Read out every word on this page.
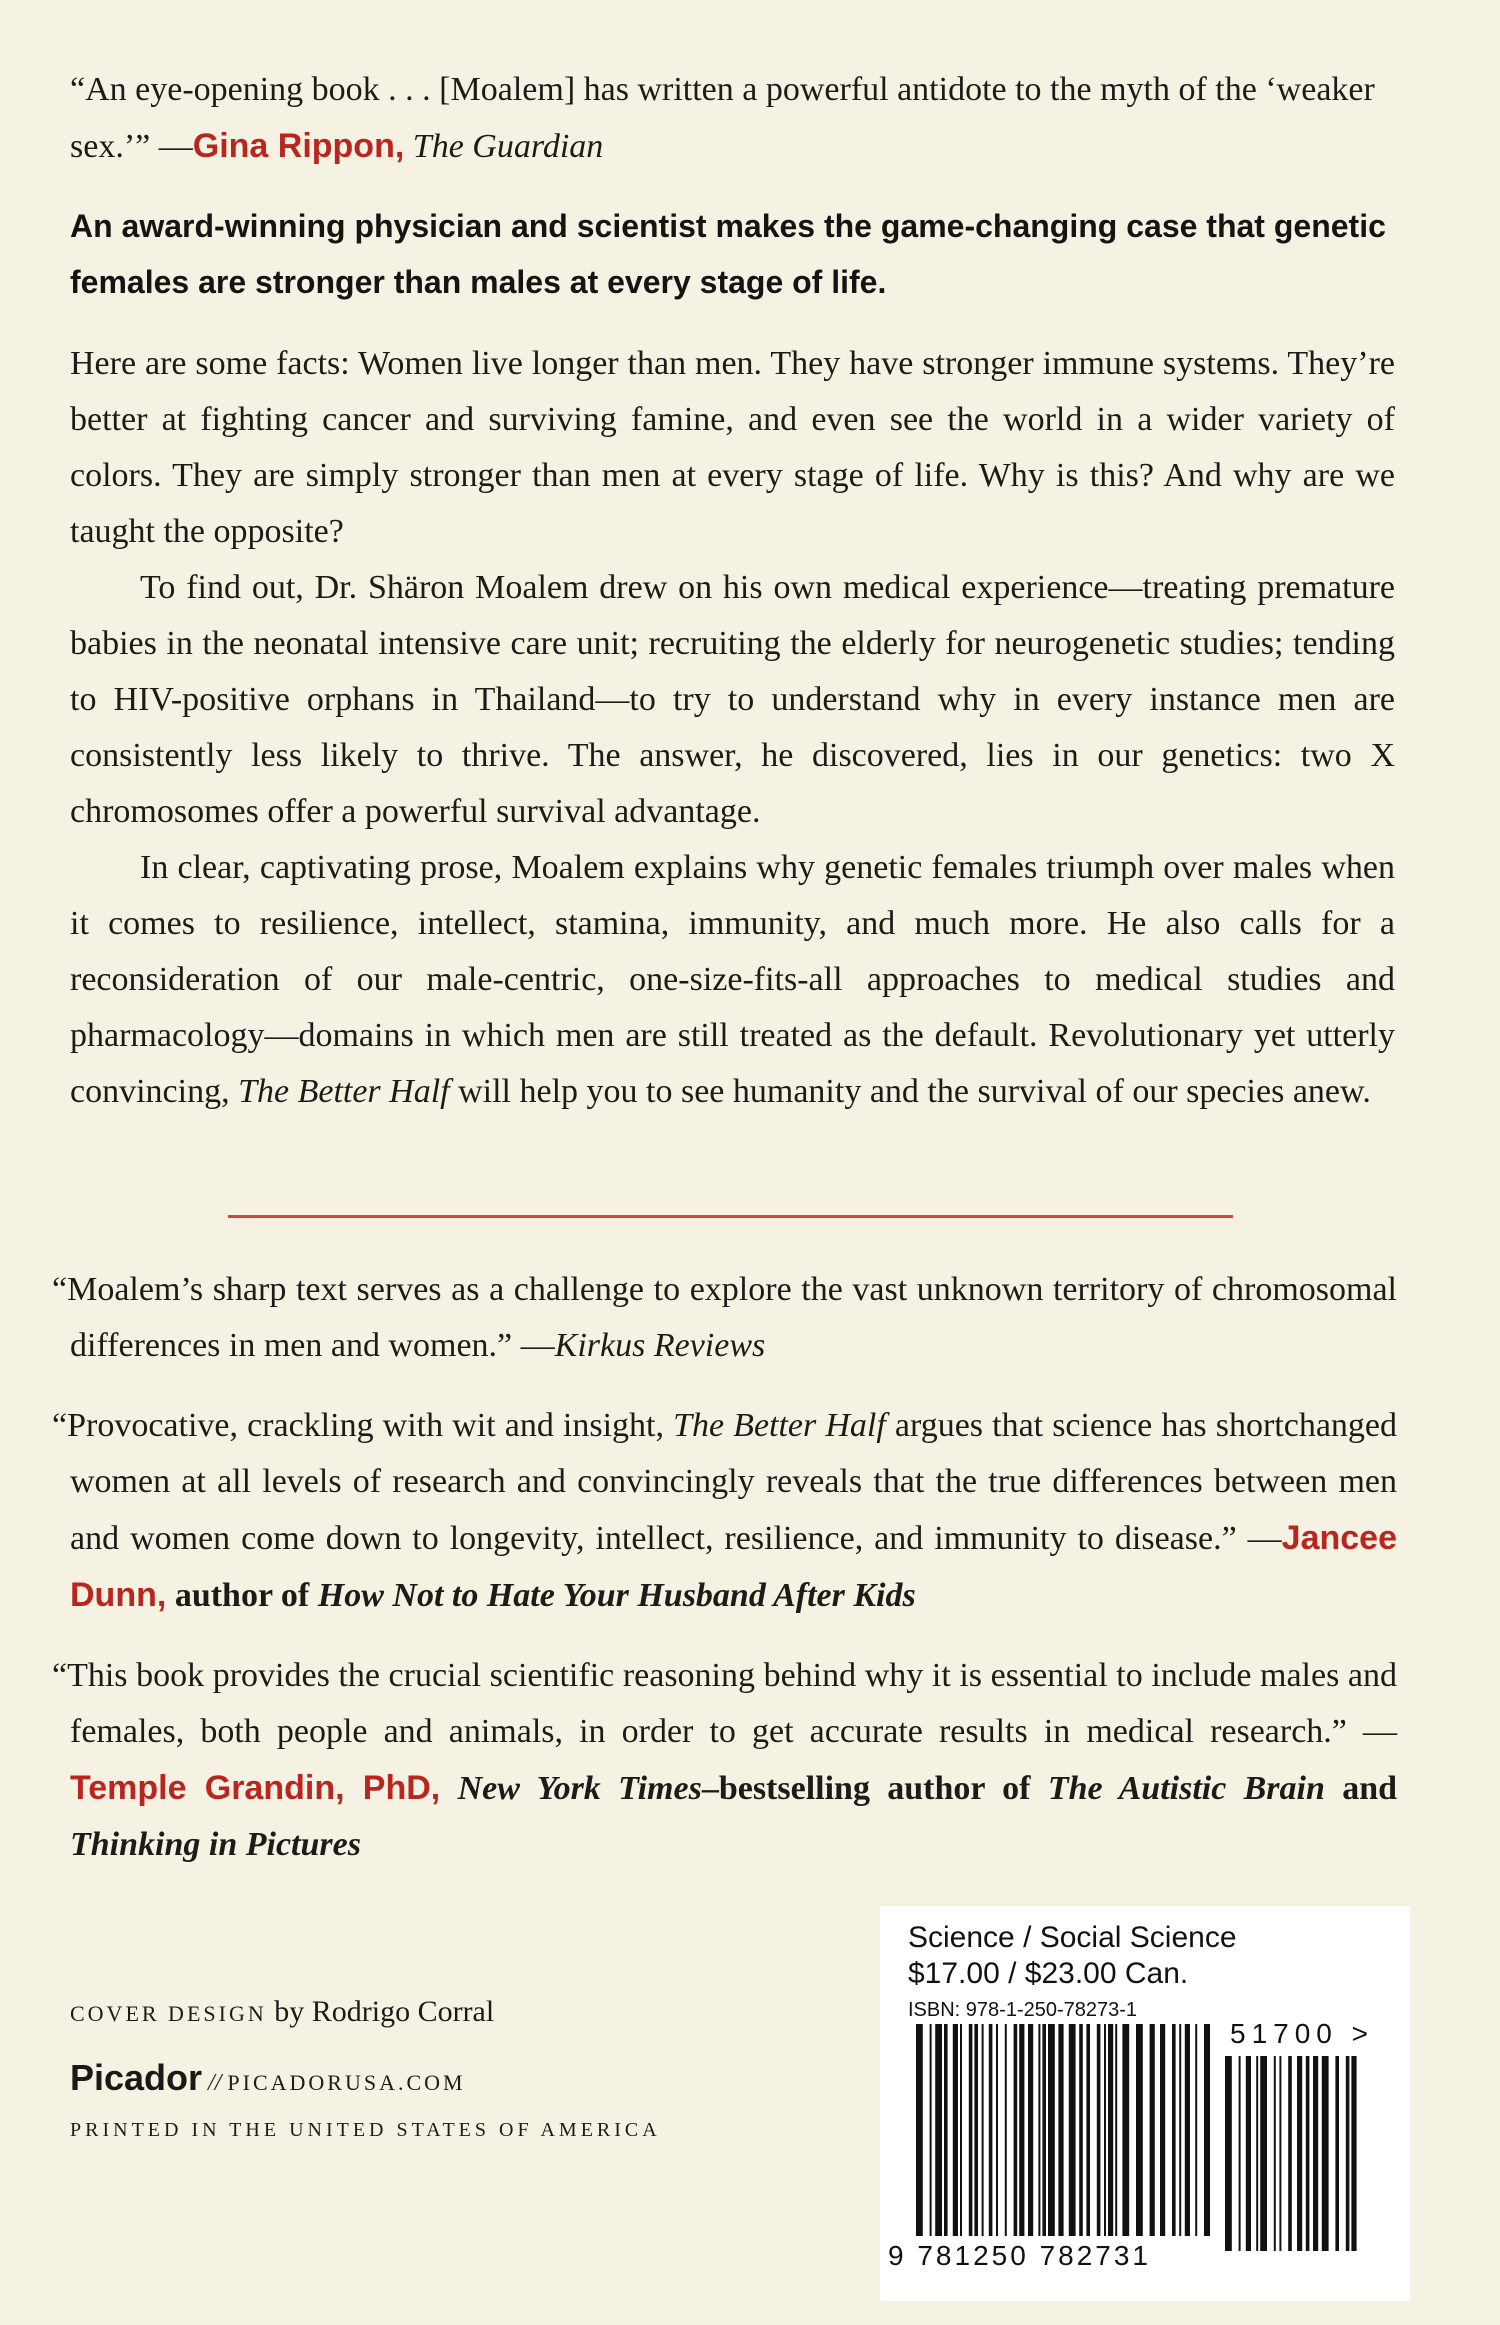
“An eye-opening book . . . [Moalem] has written a powerful antidote to the myth of the ‘weaker sex.’” —Gina Rippon, The Guardian
An award-winning physician and scientist makes the game-changing case that genetic females are stronger than males at every stage of life.

Here are some facts: Women live longer than men. They have stronger immune systems. They’re better at fighting cancer and surviving famine, and even see the world in a wider variety of colors. They are simply stronger than men at every stage of life. Why is this? And why are we taught the opposite?

To find out, Dr. Shäron Moalem drew on his own medical experience—treating premature babies in the neonatal intensive care unit; recruiting the elderly for neurogenetic studies; tending to HIV-positive orphans in Thailand—to try to understand why in every instance men are consistently less likely to thrive. The answer, he discovered, lies in our genetics: two X chromosomes offer a powerful survival advantage.

In clear, captivating prose, Moalem explains why genetic females triumph over males when it comes to resilience, intellect, stamina, immunity, and much more. He also calls for a reconsideration of our male-centric, one-size-fits-all approaches to medical studies and pharmacology—domains in which men are still treated as the default. Revolutionary yet utterly convincing, The Better Half will help you to see humanity and the survival of our species anew.

“Moalem’s sharp text serves as a challenge to explore the vast unknown territory of chromosomal differences in men and women.” —Kirkus Reviews

“Provocative, crackling with wit and insight, The Better Half argues that science has shortchanged women at all levels of research and convincingly reveals that the true differences between men and women come down to longevity, intellect, resilience, and immunity to disease.” —Jancee Dunn, author of How Not to Hate Your Husband After Kids

“This book provides the crucial scientific reasoning behind why it is essential to include males and females, both people and animals, in order to get accurate results in medical research.” —Temple Grandin, PhD, New York Times–bestselling author of The Autistic Brain and Thinking in Pictures

COVER DESIGN by Rodrigo Corral
Picador // PICADORUSA.COM
PRINTED IN THE UNITED STATES OF AMERICA
Science / Social Science
$17.00 / $23.00 Can.
ISBN: 978-1-250-78273-1
51700 >
9 781250 782731
